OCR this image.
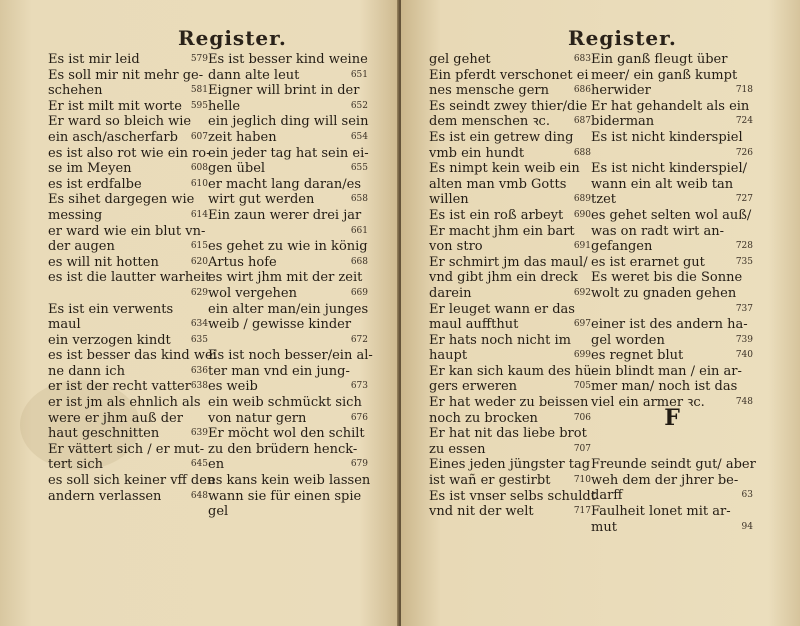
Register.
Es ist mir leid	579
Es soll mir nit mehr ge-
schehen	581
Er ist milt mit worte 595
Er ward so bleich wie
ein asch/ascherfarb 607
es ist also rot wie ein ro-
se im Meyen	608
es ist erdfalbe	610
Es sihet dargegen wie
messing	614
er ward wie ein blut vn-
der augen	615
es will nit hotten	620
es ist die lautter warheit
629
Es ist ein verwents
maul	634
ein verzogen kindt 635
es ist besser das kind wei
ne dann ich	636
er ist der recht vatter 638
er ist jm als ehnlich als
were er jhm auß der
haut geschnitten	639
Er vättert sich / er mut-
tert sich	645
es soll sich keiner vff den
andern verlassen	648
Es ist besser kind weine
dann alte leut	651
Eigner will brint in der
helle	652
ein jeglich ding will sein
zeit haben	654
ein jeder tag hat sein ei-
gen übel	655
er macht lang daran/es
wirt gut werden	658
Ein zaun werer drei jar
661
es gehet zu wie in könig
Artus hofe	668
es wirt jhm mit der zeit
wol vergehen	669
ein alter man/ein junges
weib / gewisse kinder
672
Es ist noch besser/ein al-
ter man vnd ein jung-
es weib	673
ein weib schmückt sich
von natur gern	676
Er möcht wol den schilt
zu den brüdern henck-
en	679
es kans kein weib lassen
wann sie für einen spie
gel
Register.
gel gehet	683
Ein pferdt verschonet ei
nes mensche gern	686
Es seindt zwey thier/die
dem menschen ꝛc.	687
Es ist ein getrew ding
vmb ein hundt	688
Es nimpt kein weib ein
alten man vmb Gotts
willen	689
Es ist ein roß arbeyt 690
Er macht jhm ein bart
von stro	691
Er schmirt jm das maul/
vnd gibt jhm ein dreck
darein	692
Er leuget wann er das
maul auffthut	697
Er hats noch nicht im
haupt	699
Er kan sich kaum des hü-
gers erweren	705
Er hat weder zu beissen
noch zu brocken	706
Er hat nit das liebe brot
zu essen	707
Eines jeden jüngster tag
ist wañ er gestirbt	710
Es ist vnser selbs schuldt
vnd nit der welt	717
Ein ganß fleugt über
meer/ ein ganß kumpt
herwider	718
Er hat gehandelt als ein
biderman	724
Es ist nicht kinderspiel
726
Es ist nicht kinderspiel/
wann ein alt weib tan
tzet	727
es gehet selten wol auß/
was on radt wirt an-
gefangen	728
es ist erarnet gut	735
Es weret bis die Sonne
wolt zu gnaden gehen
737
einer ist des andern ha-
gel worden	739
es regnet blut	740
ein blindt man / ein ar-
mer man/ noch ist das
viel ein armer ꝛc.	748
F
Freunde seindt gut/ aber
weh dem der jhrer be-
darff	63
Faulheit lonet mit ar-
mut	94
